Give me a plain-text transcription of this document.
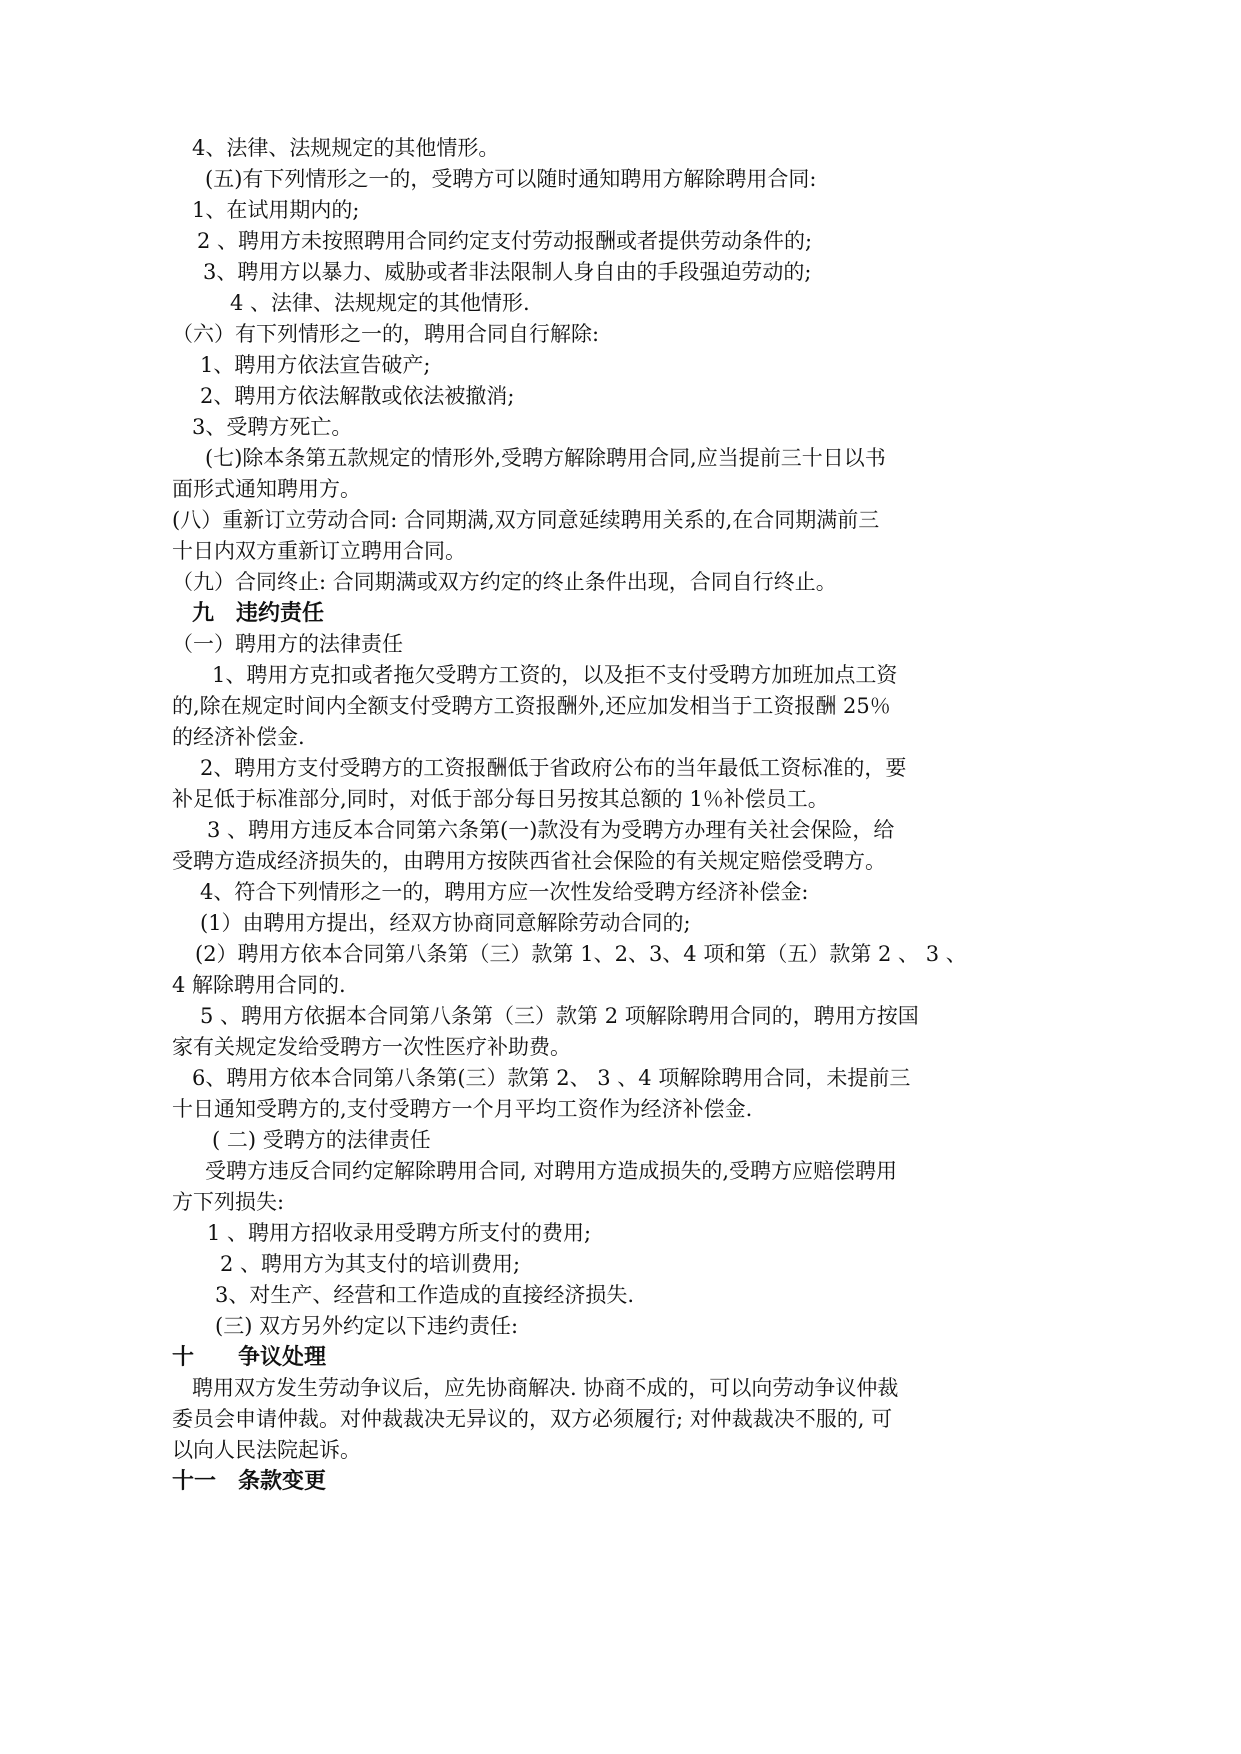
4、法律、法规规定的其他情形。
(五)有下列情形之一的，受聘方可以随时通知聘用方解除聘用合同:
1、在试用期内的;
2 、聘用方未按照聘用合同约定支付劳动报酬或者提供劳动条件的;
3、聘用方以暴力、威胁或者非法限制人身自由的手段强迫劳动的;
4 、法律、法规规定的其他情形.
（六）有下列情形之一的，聘用合同自行解除:
1、聘用方依法宣告破产;
2、聘用方依法解散或依法被撤消;
3、受聘方死亡。
(七)除本条第五款规定的情形外,受聘方解除聘用合同,应当提前三十日以书
面形式通知聘用方。
(八）重新订立劳动合同: 合同期满,双方同意延续聘用关系的,在合同期满前三
十日内双方重新订立聘用合同。
（九）合同终止: 合同期满或双方约定的终止条件出现，合同自行终止。
九　违约责任
（一）聘用方的法律责任
1、聘用方克扣或者拖欠受聘方工资的，以及拒不支付受聘方加班加点工资
的,除在规定时间内全额支付受聘方工资报酬外,还应加发相当于工资报酬 25％
的经济补偿金.
2、聘用方支付受聘方的工资报酬低于省政府公布的当年最低工资标准的，要
补足低于标准部分,同时，对低于部分每日另按其总额的 1％补偿员工。
3 、聘用方违反本合同第六条第(一)款没有为受聘方办理有关社会保险，给
受聘方造成经济损失的，由聘用方按陕西省社会保险的有关规定赔偿受聘方。
4、符合下列情形之一的，聘用方应一次性发给受聘方经济补偿金:
(1）由聘用方提出，经双方协商同意解除劳动合同的;
(2）聘用方依本合同第八条第（三）款第 1、2、3、4 项和第（五）款第 2 、 3 、
4 解除聘用合同的.
5 、聘用方依据本合同第八条第（三）款第 2 项解除聘用合同的，聘用方按国
家有关规定发给受聘方一次性医疗补助费。
6、聘用方依本合同第八条第(三）款第 2、 3 、4 项解除聘用合同，未提前三
十日通知受聘方的,支付受聘方一个月平均工资作为经济补偿金.
( 二) 受聘方的法律责任
受聘方违反合同约定解除聘用合同, 对聘用方造成损失的,受聘方应赔偿聘用
方下列损失:
1 、聘用方招收录用受聘方所支付的费用;
2 、聘用方为其支付的培训费用;
3、对生产、经营和工作造成的直接经济损失.
(三) 双方另外约定以下违约责任:
十　　争议处理
聘用双方发生劳动争议后，应先协商解决. 协商不成的，可以向劳动争议仲裁
委员会申请仲裁。对仲裁裁决无异议的，双方必须履行; 对仲裁裁决不服的, 可
以向人民法院起诉。
十一　条款变更
